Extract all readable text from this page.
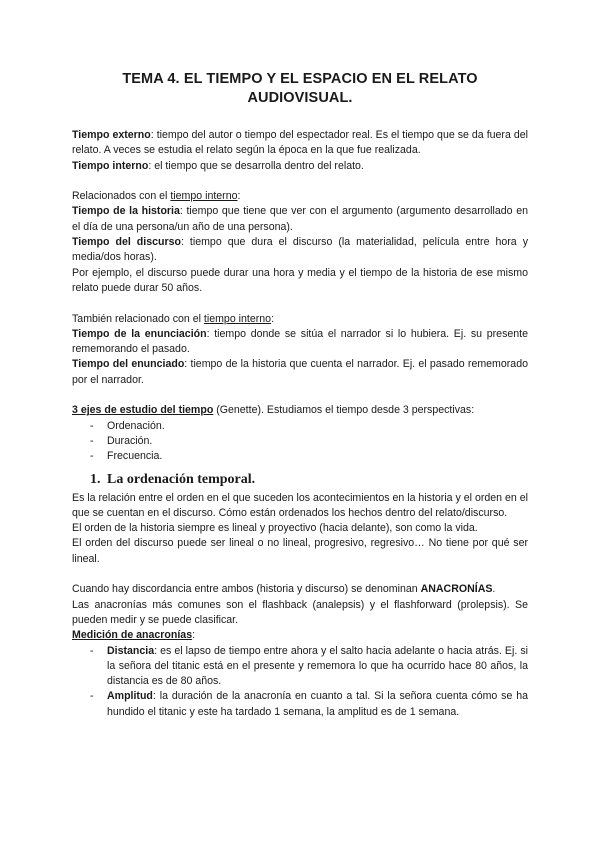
TEMA 4. EL TIEMPO Y EL ESPACIO EN EL RELATO
AUDIOVISUAL.

Tiempo externo: tiempo del autor o tiempo del espectador real. Es el tiempo que se da fuera del relato. A veces se estudia el relato según la época en la que fue realizada.

Tiempo interno: el tiempo que se desarrolla dentro del relato.

Relacionados con el tiempo interno:

Tiempo de la historia: tiempo que tiene que ver con el argumento (argumento desarrollado en el día de una persona/un año de una persona).

Tiempo del discurso: tiempo que dura el discurso (la materialidad, película entre hora y media/dos horas).

Por ejemplo, el discurso puede durar una hora y media y el tiempo de la historia de ese mismo relato puede durar 50 años.

También relacionado con el tiempo interno:

Tiempo de la enunciación: tiempo donde se sitúa el narrador si lo hubiera. Ej. su presente rememorando el pasado.

Tiempo del enunciado: tiempo de la historia que cuenta el narrador. Ej. el pasado rememorado por el narrador.

3 ejes de estudio del tiempo (Genette). Estudiamos el tiempo desde 3 perspectivas:

- Ordenación.
- Duración.
- Frecuencia.
1. La ordenación temporal.

Es la relación entre el orden en el que suceden los acontecimientos en la historia y el orden en el que se cuentan en el discurso. Cómo están ordenados los hechos dentro del relato/discurso.

El orden de la historia siempre es lineal y proyectivo (hacia delante), son como la vida.

El orden del discurso puede ser lineal o no lineal, progresivo, regresivo… No tiene por qué ser lineal.

Cuando hay discordancia entre ambos (historia y discurso) se denominan ANACRONÍAS.

Las anacronías más comunes son el flashback (analepsis) y el flashforward (prolepsis). Se pueden medir y se puede clasificar.

Medición de anacronías:

- Distancia: es el lapso de tiempo entre ahora y el salto hacia adelante o hacia atrás. Ej. si la señora del titanic está en el presente y rememora lo que ha ocurrido hace 80 años, la distancia es de 80 años.
- Amplitud: la duración de la anacronía en cuanto a tal. Si la señora cuenta cómo se ha hundido el titanic y este ha tardado 1 semana, la amplitud es de 1 semana.
